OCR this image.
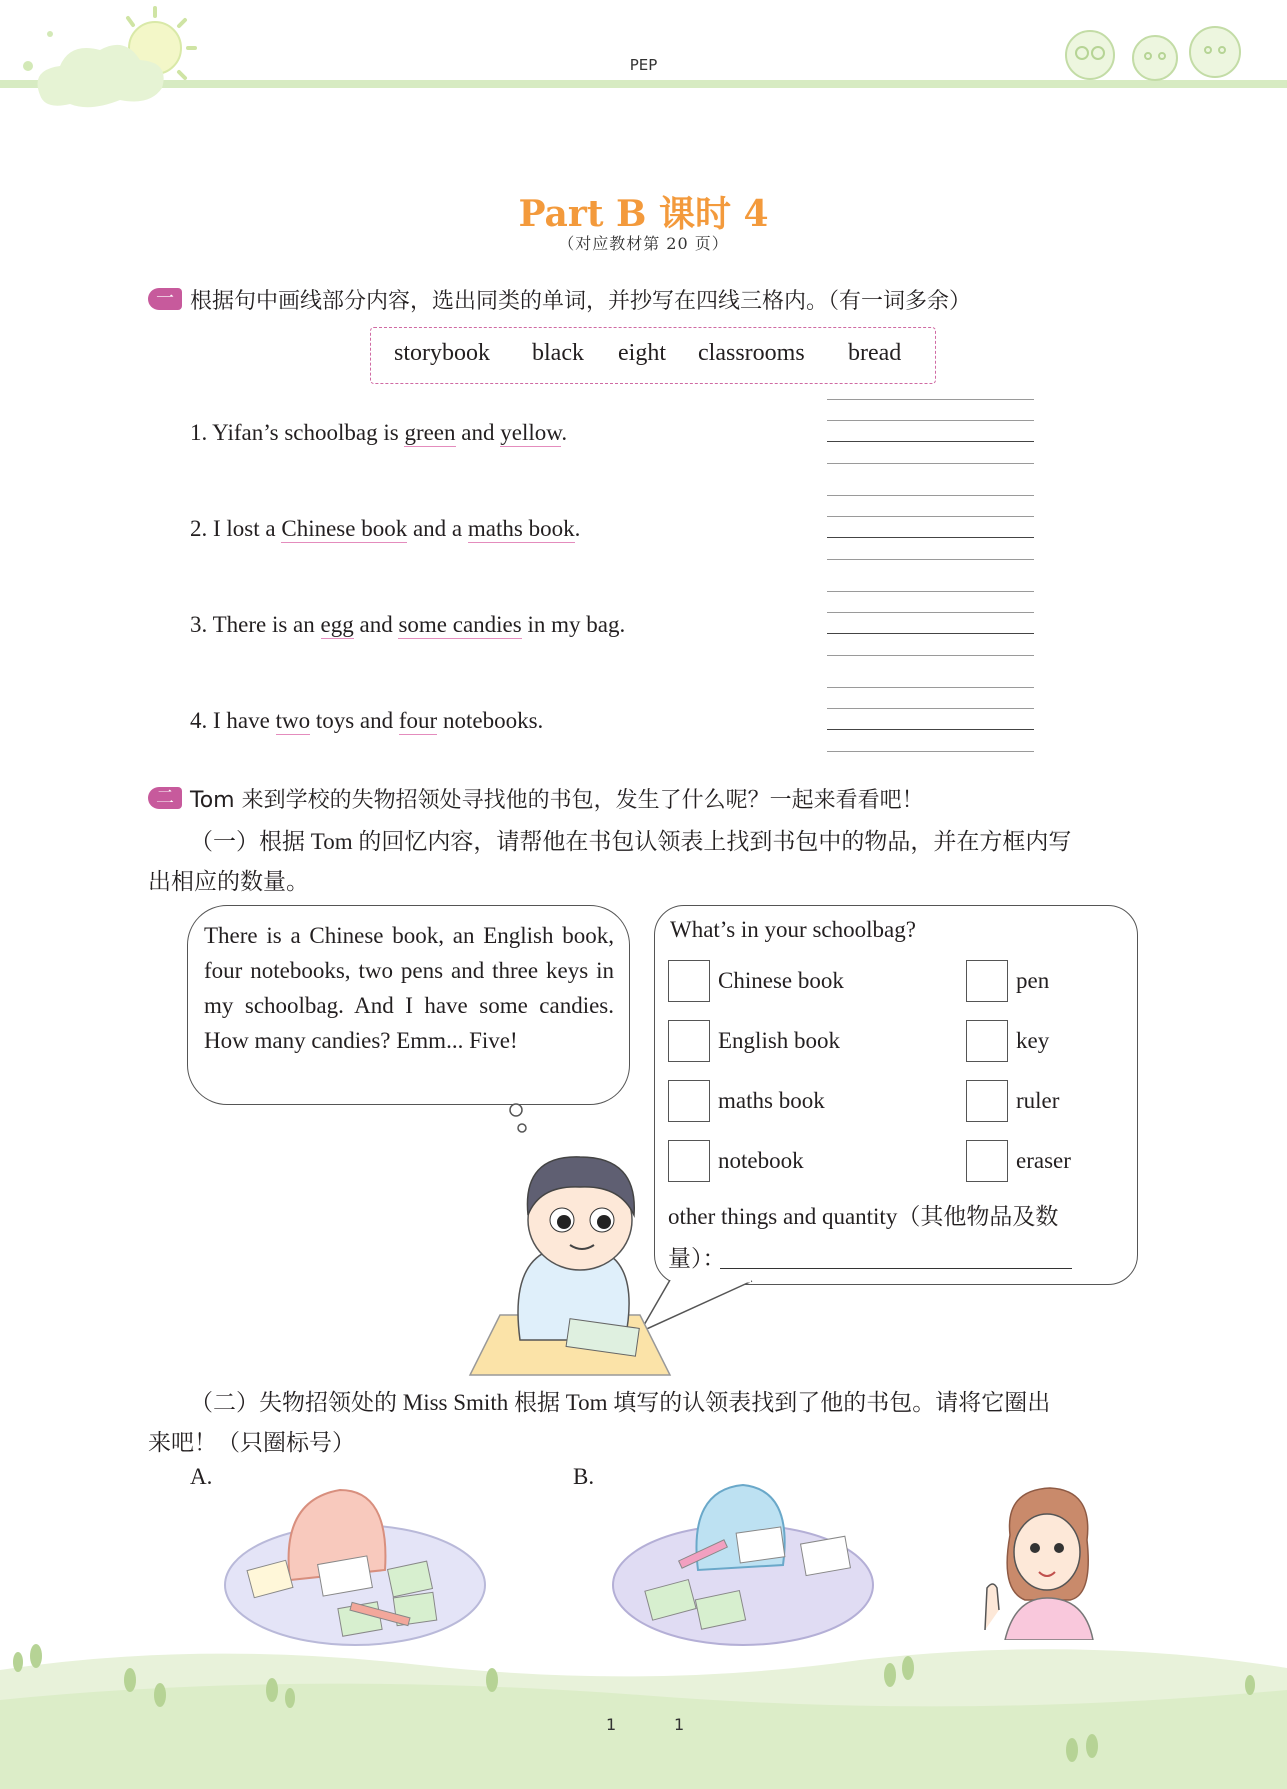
PEP
Part B 课时 4
（对应教材第 20 页）
一 根据句中画线部分内容，选出同类的单词，并抄写在四线三格内。（有一词多余）
storybook black eight classrooms bread
1. Yifan’s schoolbag is green and yellow.
2. I lost a Chinese book and a maths book.
3. There is an egg and some candies in my bag.
4. I have two toys and four notebooks.
二 Tom 来到学校的失物招领处寻找他的书包，发生了什么呢？一起来看看吧！
（一）根据 Tom 的回忆内容，请帮他在书包认领表上找到书包中的物品，并在方框内写
出相应的数量。
There is a Chinese book, an English book, four notebooks, two pens and three keys in my schoolbag. And I have some candies. How many candies? Emm... Five!
What’s in your schoolbag?
Chinese book
English book
maths book
notebook
pen
key
ruler
eraser
other things and quantity（其他物品及数
量）：
（二）失物招领处的 Miss Smith 根据 Tom 填写的认领表找到了他的书包。请将它圈出
来吧！（只圈标号）
A.	B.
1	1
